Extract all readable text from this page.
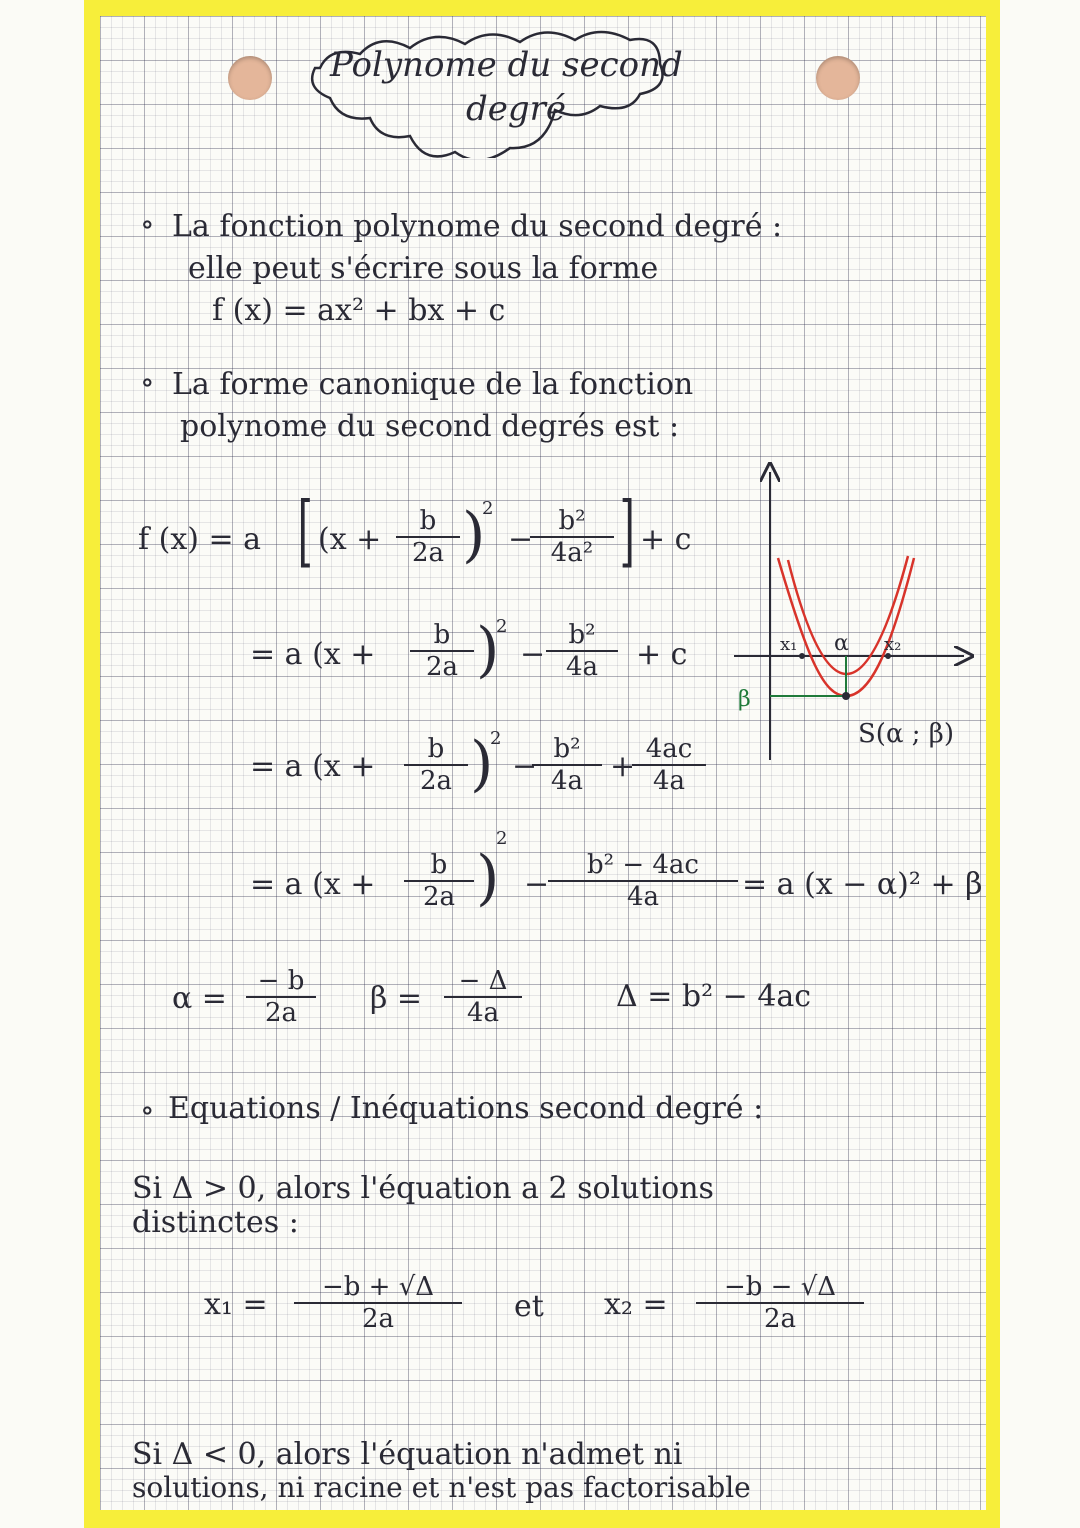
Polynome du second
degré
∘ La fonction polynome du second degré :
elle peut s'écrire sous la forme
f (x) = ax² + bx + c
∘ La forme canonique de la fonction
polynome du second degrés est :
f (x) = a [ (x +
b
2a )
2
−
b²
4a² ] + c
= a (x +
b
2a )
2
−
b²
4a	+ c
= a (x +	b
2a )
2
− b²
4a + 4ac
4a
= a (x +
b
2a )
2
−
b² − 4ac
4a	= a (x − α)² + β
α =	− b
2a	β =	− Δ
4a	Δ = b² − 4ac
x₁ α x₂
β
S(α ; β)
∘ Equations / Inéquations second degré :
Si Δ > 0, alors l'équation a 2 solutions
distinctes :
x₁ =	−b + √Δ
2a	et x₂ =	−b − √Δ
2a
Si Δ < 0, alors l'équation n'admet ni
solutions, ni racine et n'est pas factorisable
